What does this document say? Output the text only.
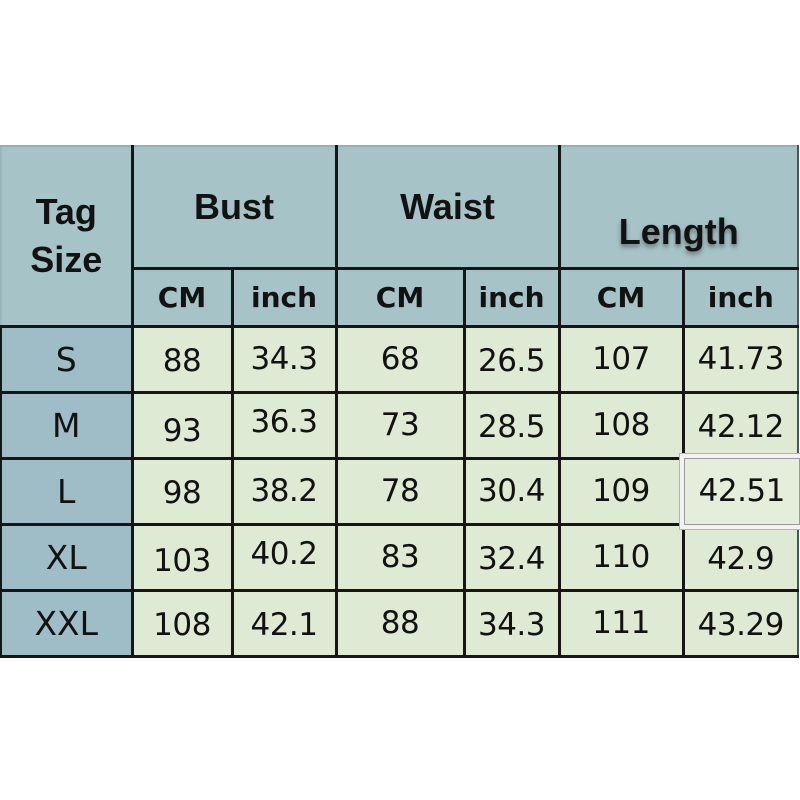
Tag Size	Bust		Waist		Length	
	CM	inch	CM	inch	CM	inch
S	88	34.3	68	26.5	107	41.73
M	93	36.3	73	28.5	108	42.12
L	98	38.2	78	30.4	109	42.51

XL	103	40.2	83	32.4	110	42.9
XXL	108	42.1	88	34.3	111	43.29
